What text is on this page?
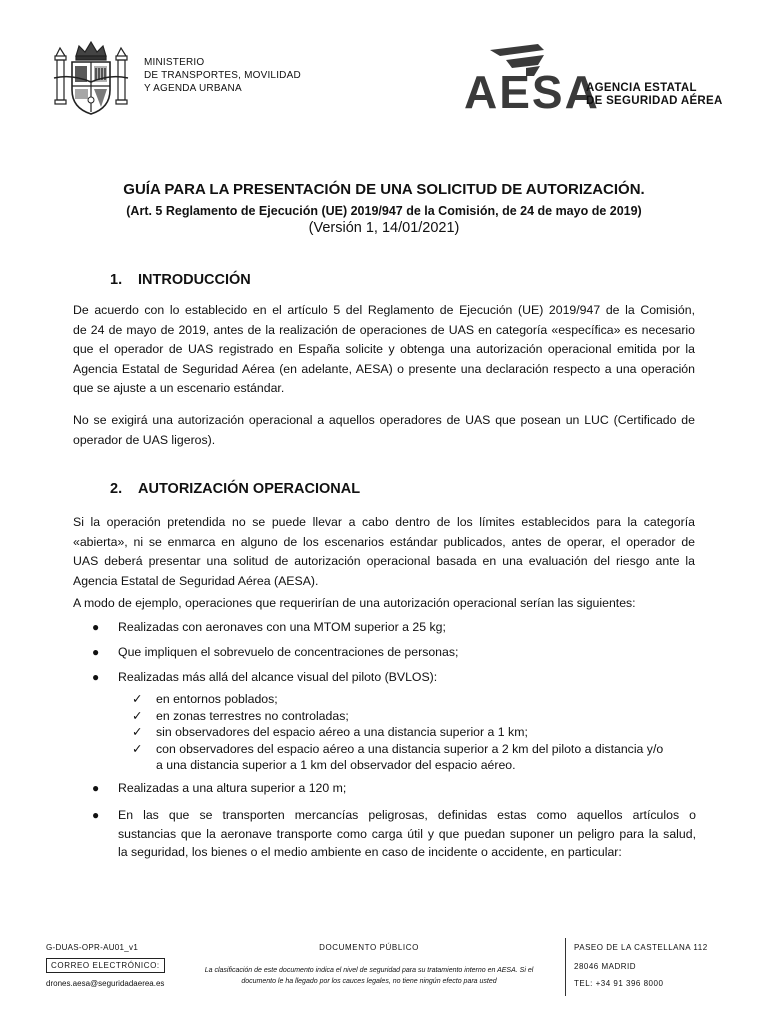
MINISTERIO
DE TRANSPORTES, MOVILIDAD
Y AGENDA URBANA	AESA
AGENCIA ESTATAL
DE SEGURIDAD AÉREA
GUÍA PARA LA PRESENTACIÓN DE UNA SOLICITUD DE AUTORIZACIÓN.
(Art. 5 Reglamento de Ejecución (UE) 2019/947 de la Comisión, de 24 de mayo de 2019)
(Versión 1, 14/01/2021)
1. INTRODUCCIÓN
De acuerdo con lo establecido en el artículo 5 del Reglamento de Ejecución (UE) 2019/947 de la Comisión,
de 24 de mayo de 2019, antes de la realización de operaciones de UAS en categoría «específica» es necesario
que el operador de UAS registrado en España solicite y obtenga una autorización operacional emitida por la
Agencia Estatal de Seguridad Aérea (en adelante, AESA) o presente una declaración respecto a una operación
que se ajuste a un escenario estándar.
No se exigirá una autorización operacional a aquellos operadores de UAS que posean un LUC (Certificado de
operador de UAS ligeros).
2. AUTORIZACIÓN OPERACIONAL
Si la operación pretendida no se puede llevar a cabo dentro de los límites establecidos para la categoría
«abierta», ni se enmarca en alguno de los escenarios estándar publicados, antes de operar, el operador de
UAS deberá presentar una solitud de autorización operacional basada en una evaluación del riesgo ante la
Agencia Estatal de Seguridad Aérea (AESA).
A modo de ejemplo, operaciones que requerirían de una autorización operacional serían las siguientes:
● Realizadas con aeronaves con una MTOM superior a 25 kg;
● Que impliquen el sobrevuelo de concentraciones de personas;
● Realizadas más allá del alcance visual del piloto (BVLOS):
✓ en entornos poblados;
✓ en zonas terrestres no controladas;
✓ sin observadores del espacio aéreo a una distancia superior a 1 km;
✓ con observadores del espacio aéreo a una distancia superior a 2 km del piloto a distancia y/o
a una distancia superior a 1 km del observador del espacio aéreo.
● Realizadas a una altura superior a 120 m;
●	En las que se transporten mercancías peligrosas, definidas estas como aquellos artículos o
sustancias que la aeronave transporte como carga útil y que puedan suponer un peligro para la salud,
la seguridad, los bienes o el medio ambiente en caso de incidente o accidente, en particular:
G-DUAS-OPR-AU01_v1
CORREO ELECTRÓNICO:
drones.aesa@seguridadaerea.es
DOCUMENTO PÚBLICO
La clasificación de este documento indica el nivel de seguridad para su tratamiento interno en AESA. Si el
documento le ha llegado por los cauces legales, no tiene ningún efecto para usted
PASEO DE LA CASTELLANA 112
28046 MADRID
TEL: +34 91 396 8000
